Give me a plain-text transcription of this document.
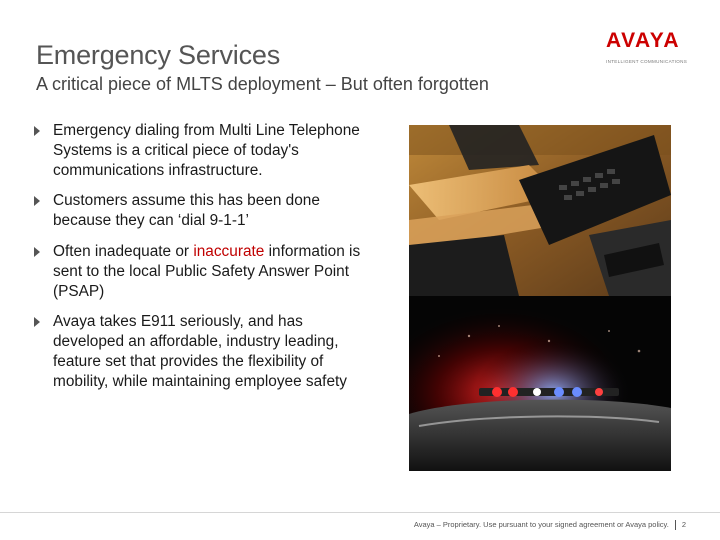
Emergency Services
A critical piece of MLTS deployment – But often forgotten
AVAYA
INTELLIGENT COMMUNICATIONS
Emergency dialing from Multi Line Telephone Systems is a critical piece of today's communications infrastructure.
Customers assume this has been done because they can ‘dial 9-1-1’
Often inadequate or inaccurate information is sent to the local Public Safety Answer Point (PSAP)
Avaya takes E911 seriously, and has developed an affordable, industry leading, feature set that provides the flexibility of mobility, while maintaining employee safety
Avaya – Proprietary. Use pursuant to your signed agreement or Avaya policy. 2
